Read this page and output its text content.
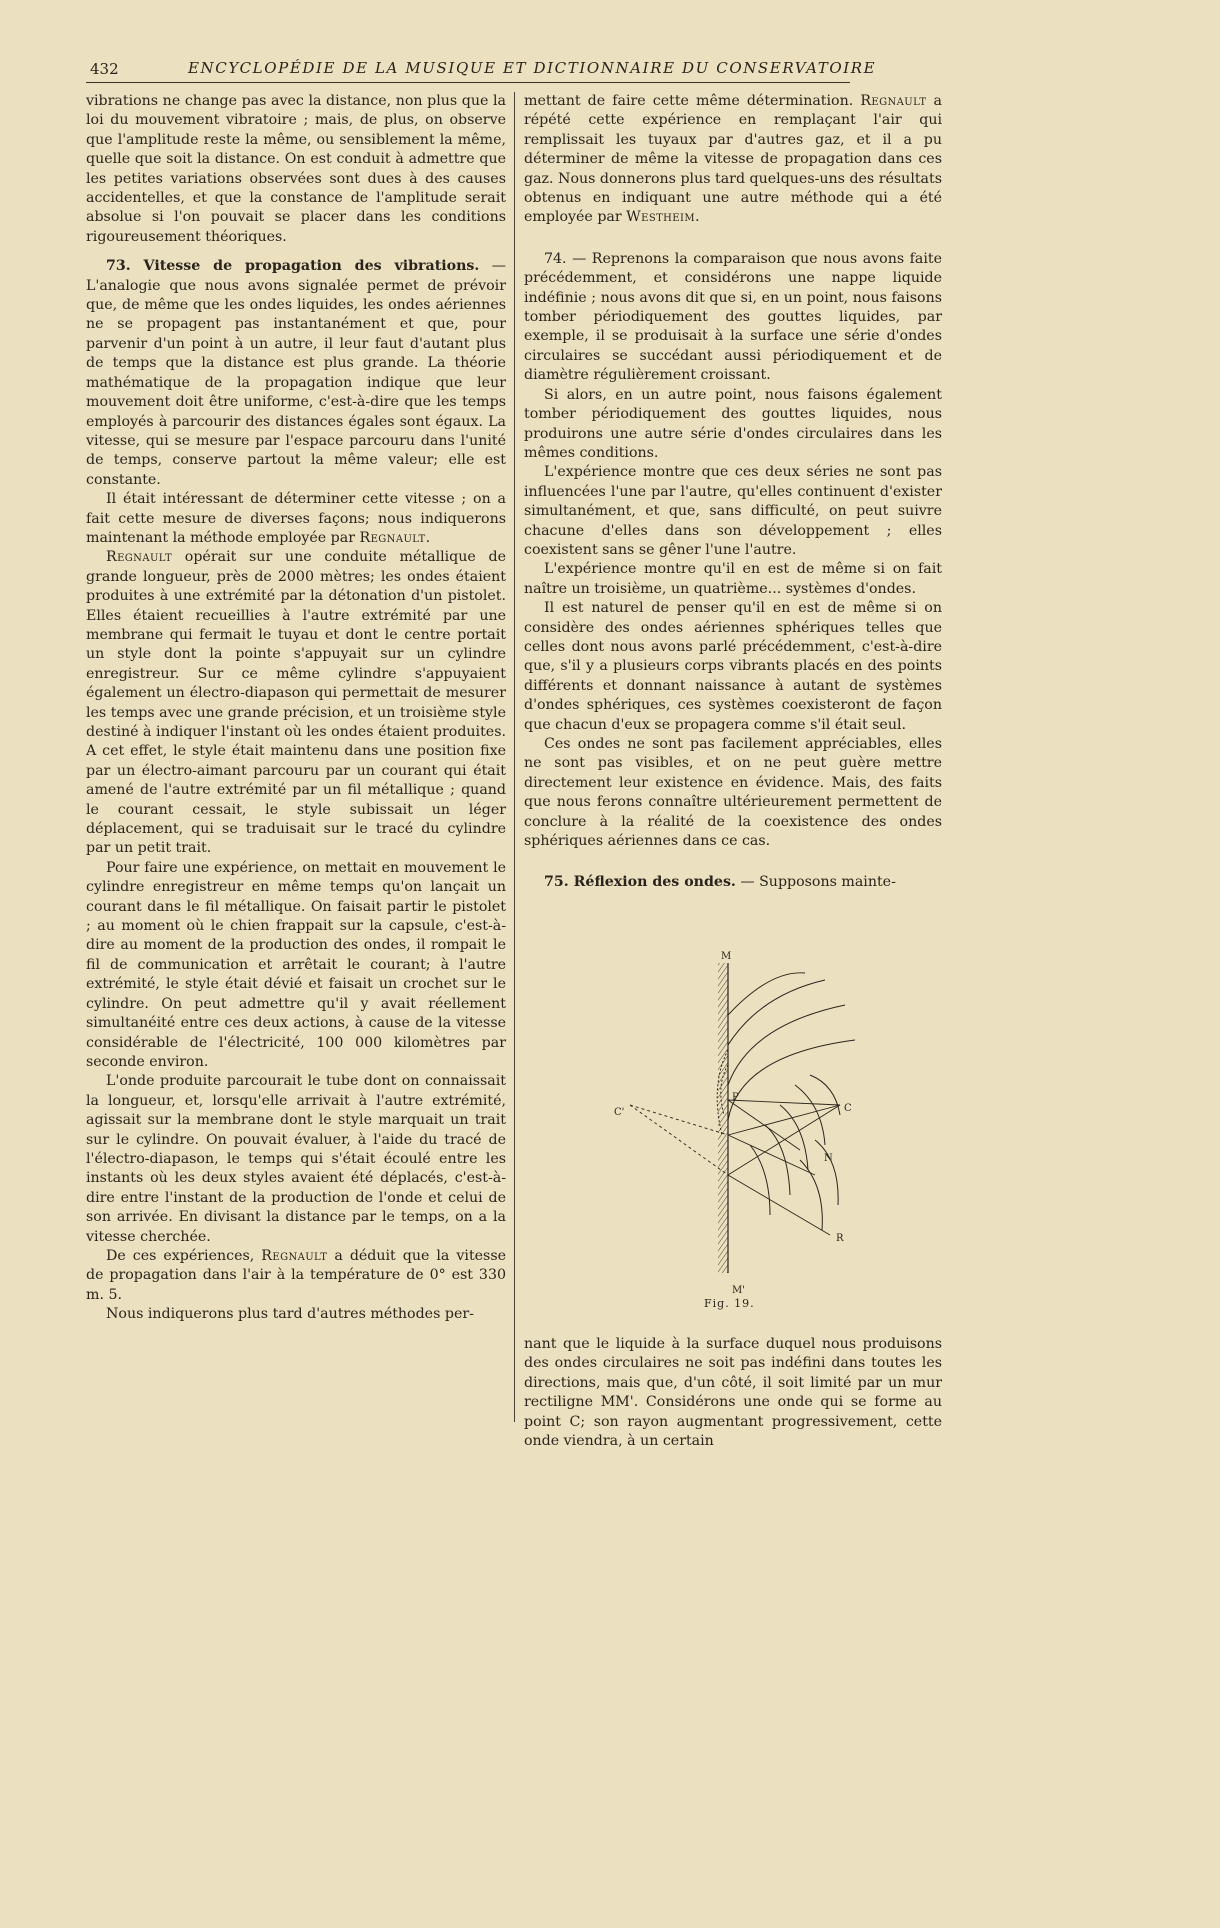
432	ENCYCLOPÉDIE DE LA MUSIQUE ET DICTIONNAIRE DU CONSERVATOIRE

vibrations ne change pas avec la distance, non plus que la loi du mouvement vibratoire ; mais, de plus, on observe que l'amplitude reste la même, ou sensiblement la même, quelle que soit la distance. On est conduit à admettre que les petites variations observées sont dues à des causes accidentelles, et que la constance de l'amplitude serait absolue si l'on pouvait se placer dans les conditions rigoureusement théoriques.

73. Vitesse de propagation des vibrations. — L'analogie que nous avons signalée permet de prévoir que, de même que les ondes liquides, les ondes aériennes ne se propagent pas instantanément et que, pour parvenir d'un point à un autre, il leur faut d'autant plus de temps que la distance est plus grande. La théorie mathématique de la propagation indique que leur mouvement doit être uniforme, c'est-à-dire que les temps employés à parcourir des distances égales sont égaux. La vitesse, qui se mesure par l'espace parcouru dans l'unité de temps, conserve partout la même valeur; elle est constante.

Il était intéressant de déterminer cette vitesse ; on a fait cette mesure de diverses façons; nous indiquerons maintenant la méthode employée par Regnault.

Regnault opérait sur une conduite métallique de grande longueur, près de 2000 mètres; les ondes étaient produites à une extrémité par la détonation d'un pistolet. Elles étaient recueillies à l'autre extrémité par une membrane qui fermait le tuyau et dont le centre portait un style dont la pointe s'appuyait sur un cylindre enregistreur. Sur ce même cylindre s'appuyaient également un électro-diapason qui permettait de mesurer les temps avec une grande précision, et un troisième style destiné à indiquer l'instant où les ondes étaient produites. A cet effet, le style était maintenu dans une position fixe par un électro-aimant parcouru par un courant qui était amené de l'autre extrémité par un fil métallique ; quand le courant cessait, le style subissait un léger déplacement, qui se traduisait sur le tracé du cylindre par un petit trait.

Pour faire une expérience, on mettait en mouvement le cylindre enregistreur en même temps qu'on lançait un courant dans le fil métallique. On faisait partir le pistolet ; au moment où le chien frappait sur la capsule, c'est-à-dire au moment de la production des ondes, il rompait le fil de communication et arrêtait le courant; à l'autre extrémité, le style était dévié et faisait un crochet sur le cylindre. On peut admettre qu'il y avait réellement simultanéité entre ces deux actions, à cause de la vitesse considérable de l'électricité, 100 000 kilomètres par seconde environ.

L'onde produite parcourait le tube dont on connaissait la longueur, et, lorsqu'elle arrivait à l'autre extrémité, agissait sur la membrane dont le style marquait un trait sur le cylindre. On pouvait évaluer, à l'aide du tracé de l'électro-diapason, le temps qui s'était écoulé entre les instants où les deux styles avaient été déplacés, c'est-à-dire entre l'instant de la production de l'onde et celui de son arrivée. En divisant la distance par le temps, on a la vitesse cherchée.

De ces expériences, Regnault a déduit que la vitesse de propagation dans l'air à la température de 0° est 330 m. 5.

Nous indiquerons plus tard d'autres méthodes per-

mettant de faire cette même détermination. Regnault a répété cette expérience en remplaçant l'air qui remplissait les tuyaux par d'autres gaz, et il a pu déterminer de même la vitesse de propagation dans ces gaz. Nous donnerons plus tard quelques-uns des résultats obtenus en indiquant une autre méthode qui a été employée par Westheim.

74. — Reprenons la comparaison que nous avons faite précédemment, et considérons une nappe liquide indéfinie ; nous avons dit que si, en un point, nous faisons tomber périodiquement des gouttes liquides, par exemple, il se produisait à la surface une série d'ondes circulaires se succédant aussi périodiquement et de diamètre régulièrement croissant.

Si alors, en un autre point, nous faisons également tomber périodiquement des gouttes liquides, nous produirons une autre série d'ondes circulaires dans les mêmes conditions.

L'expérience montre que ces deux séries ne sont pas influencées l'une par l'autre, qu'elles continuent d'exister simultanément, et que, sans difficulté, on peut suivre chacune d'elles dans son développement ; elles coexistent sans se gêner l'une l'autre.

L'expérience montre qu'il en est de même si on fait naître un troisième, un quatrième... systèmes d'ondes.

Il est naturel de penser qu'il en est de même si on considère des ondes aériennes sphériques telles que celles dont nous avons parlé précédemment, c'est-à-dire que, s'il y a plusieurs corps vibrants placés en des points différents et donnant naissance à autant de systèmes d'ondes sphériques, ces systèmes coexisteront de façon que chacun d'eux se propagera comme s'il était seul.

Ces ondes ne sont pas facilement appréciables, elles ne sont pas visibles, et on ne peut guère mettre directement leur existence en évidence. Mais, des faits que nous ferons connaître ultérieurement permettent de conclure à la réalité de la coexistence des ondes sphériques aériennes dans ce cas.

75. Réflexion des ondes. — Supposons mainte-

M
M'
P
C
C'
N
R
Fig. 19.

nant que le liquide à la surface duquel nous produisons des ondes circulaires ne soit pas indéfini dans toutes les directions, mais que, d'un côté, il soit limité par un mur rectiligne MM'. Considérons une onde qui se forme au point C; son rayon augmentant progressivement, cette onde viendra, à un certain
